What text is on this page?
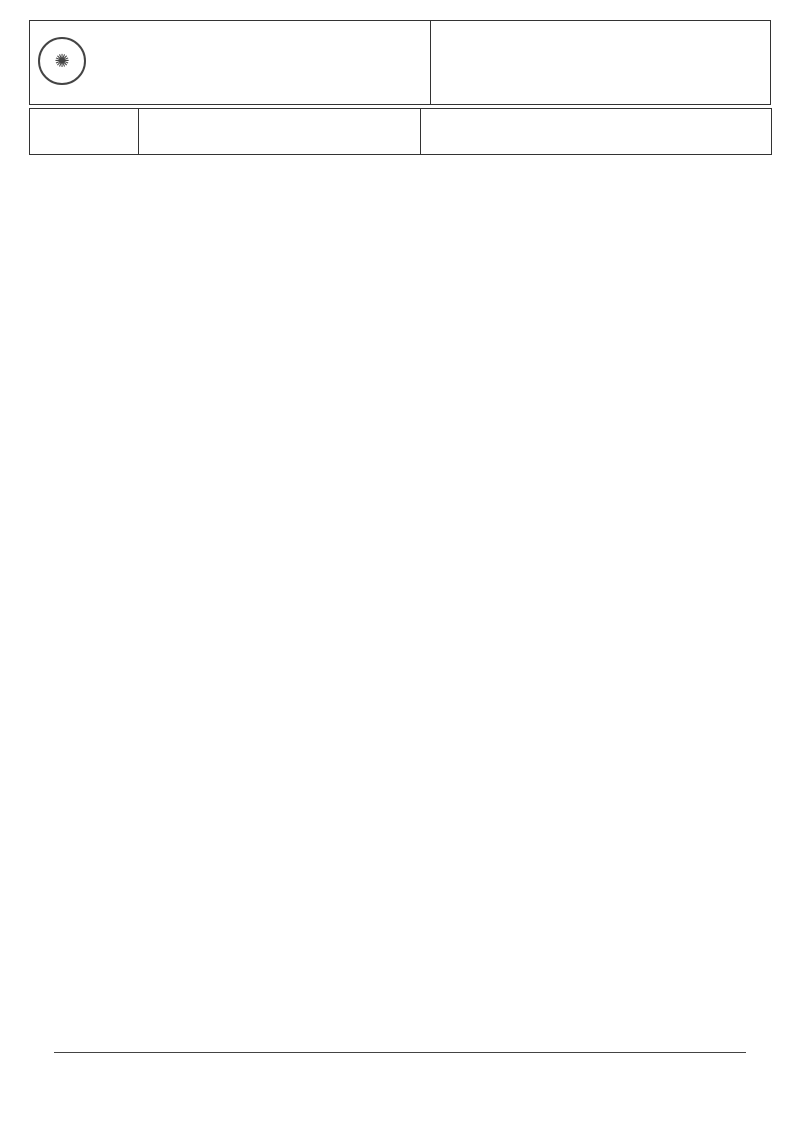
✺
